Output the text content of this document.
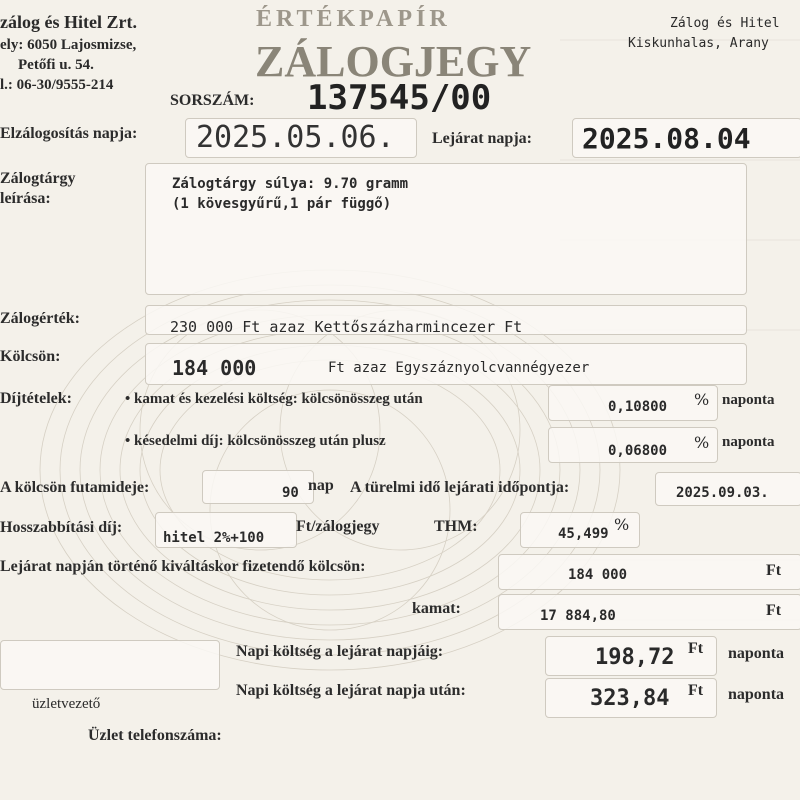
zálog és Hitel Zrt.
ely: 6050 Lajosmizse,
Petőfi u. 54.
l.: 06-30/9555-214
Zálog és Hitel
Kiskunhalas, Arany
ÉRTÉKPAPÍR
ZÁLOGJEGY
SORSZÁM: 137545/00
Elzálogosítás napja: 2025.05.06. Lejárat napja: 2025.08.04
Zálogtárgy
leírása:
Zálogtárgy súlya: 9.70 gramm
(1 kövesgyűrű,1 pár függő)
Zálogérték:	230 000 Ft azaz Kettőszázharmincezer Ft
Kölcsön:	184 000	Ft azaz Egyszáznyolcvannégyezer
Díjtételek:	• kamat és kezelési költség: kölcsönösszeg után	0,10800 % naponta
• késedelmi díj: kölcsönösszeg után plusz
0,06800 % naponta
A kölcsön futamideje:	90 nap A türelmi idő lejárati időpontja:	2025.09.03.
Hosszabbítási díj:
hitel 2%+100
Ft/zálogjegy	THM:	45,499 %
Lejárat napján történő kiváltáskor fizetendő kölcsön:	184 000	Ft
kamat:	17 884,80	Ft
Napi költség a lejárat napjáig:	198,72 Ft naponta
Napi költség a lejárat napja után:	323,84 Ft naponta
üzletvezető
Üzlet telefonszáma:
